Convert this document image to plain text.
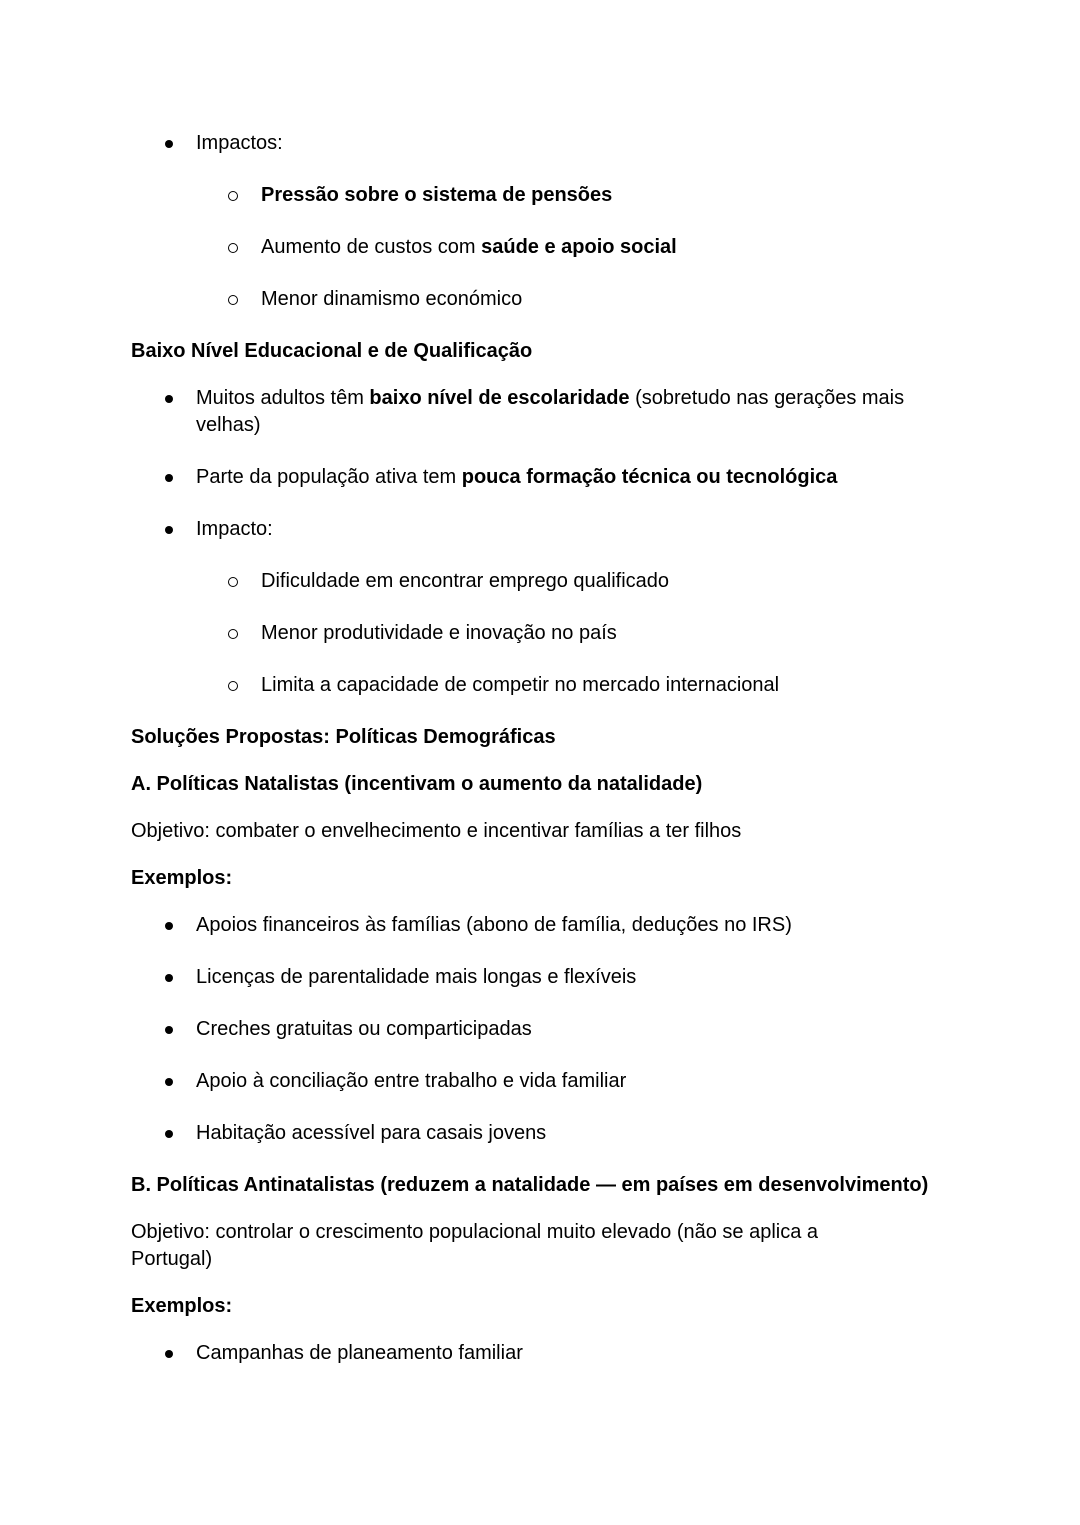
Impactos:
Pressão sobre o sistema de pensões
Aumento de custos com saúde e apoio social
Menor dinamismo económico
Baixo Nível Educacional e de Qualificação
Muitos adultos têm baixo nível de escolaridade (sobretudo nas gerações mais
velhas)
Parte da população ativa tem pouca formação técnica ou tecnológica
Impacto:
Dificuldade em encontrar emprego qualificado
Menor produtividade e inovação no país
Limita a capacidade de competir no mercado internacional
Soluções Propostas: Políticas Demográficas
A. Políticas Natalistas (incentivam o aumento da natalidade)
Objetivo: combater o envelhecimento e incentivar famílias a ter filhos
Exemplos:
Apoios financeiros às famílias (abono de família, deduções no IRS)
Licenças de parentalidade mais longas e flexíveis
Creches gratuitas ou comparticipadas
Apoio à conciliação entre trabalho e vida familiar
Habitação acessível para casais jovens
B. Políticas Antinatalistas (reduzem a natalidade — em países em desenvolvimento)
Objetivo: controlar o crescimento populacional muito elevado (não se aplica a
Portugal)
Exemplos:
Campanhas de planeamento familiar
